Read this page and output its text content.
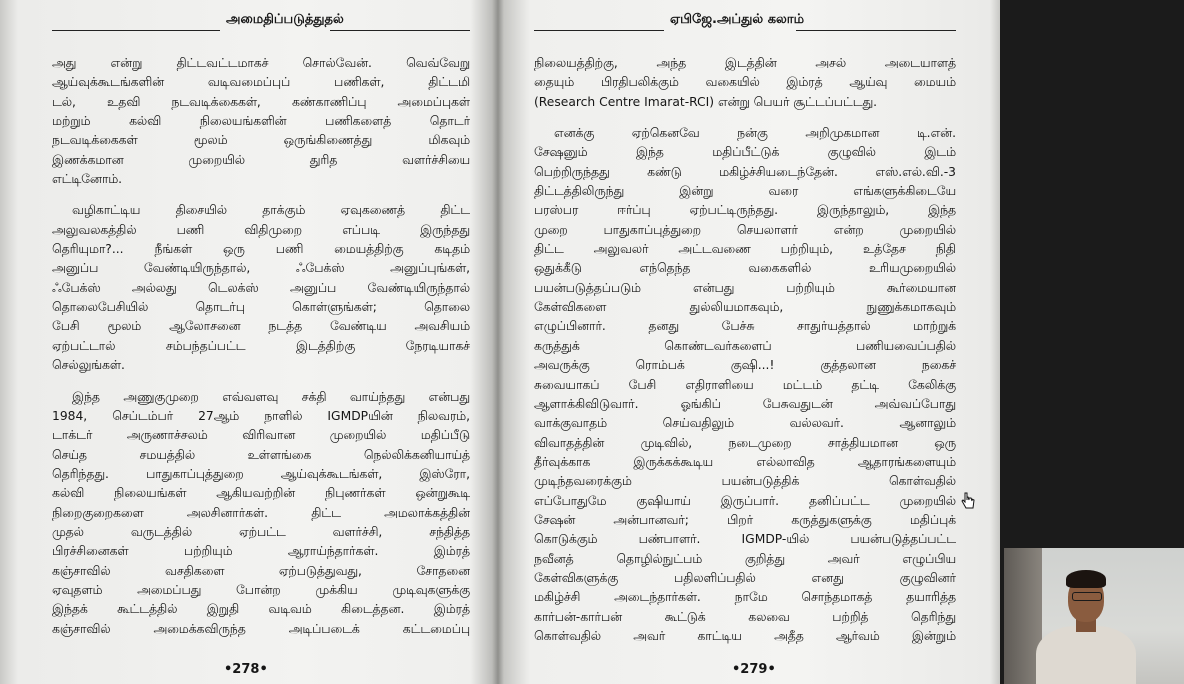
அமைதிப்படுத்துதல்
அது என்று திட்டவட்டமாகச் சொல்வேன். வெவ்வேறு
ஆய்வுக்கூடங்களின் வடிவமைப்புப் பணிகள், திட்டமி
டல், உதவி நடவடிக்கைகள், கண்காணிப்பு அமைப்புகள்
மற்றும் கல்வி நிலையங்களின் பணிகளைத் தொடர்
நடவடிக்கைகள் மூலம் ஒருங்கிணைத்து மிகவும்
இணக்கமான முறையில் துரித வளர்ச்சியை
எட்டினோம்.
வழிகாட்டிய திசையில் தாக்கும் ஏவுகணைத் திட்ட
அலுவலகத்தில் பணி விதிமுறை எப்படி இருந்தது
தெரியுமா?... நீங்கள் ஒரு பணி மையத்திற்கு கடிதம்
அனுப்ப வேண்டியிருந்தால், ஃபேக்ஸ் அனுப்புங்கள்,
ஃபேக்ஸ் அல்லது டெலக்ஸ் அனுப்ப வேண்டியிருந்தால்
தொலைபேசியில் தொடர்பு கொள்ளுங்கள்; தொலை
பேசி மூலம் ஆலோசனை நடத்த வேண்டிய அவசியம்
ஏற்பட்டால் சம்பந்தப்பட்ட இடத்திற்கு நேரடியாகச்
செல்லுங்கள்.
இந்த அணுகுமுறை எவ்வளவு சக்தி வாய்ந்தது என்பது
1984, செப்டம்பர் 27ஆம் நாளில் IGMDPயின் நிலவரம்,
டாக்டர் அருணாச்சலம் விரிவான முறையில் மதிப்பீடு
செய்த சமயத்தில் உள்ளங்கை நெல்லிக்கனியாய்த்
தெரிந்தது. பாதுகாப்புத்துறை ஆய்வுக்கூடங்கள், இஸ்ரோ,
கல்வி நிலையங்கள் ஆகியவற்றின் நிபுணர்கள் ஒன்றுகூடி
நிறைகுறைகளை அலசினார்கள். திட்ட அமலாக்கத்தின்
முதல் வருடத்தில் ஏற்பட்ட வளர்ச்சி, சந்தித்த
பிரச்சினைகள் பற்றியும் ஆராய்ந்தார்கள். இம்ரத்
கஞ்சாவில் வசதிகளை ஏற்படுத்துவது, சோதனை
ஏவுதளம் அமைப்பது போன்ற முக்கிய முடிவுகளுக்கு
இந்தக் கூட்டத்தில் இறுதி வடிவம் கிடைத்தன. இம்ரத்
கஞ்சாவில் அமைக்கவிருந்த அடிப்படைக் கட்டமைப்பு
•278•
ஏபிஜே.அப்துல் கலாம்
நிலையத்திற்கு, அந்த இடத்தின் அசல் அடையாளத்
தையும் பிரதிபலிக்கும் வகையில் இம்ரத் ஆய்வு மையம்
(Research Centre Imarat-RCI) என்று பெயர் சூட்டப்பட்டது.
எனக்கு ஏற்கெனவே நன்கு அறிமுகமான டி.என்.
சேஷனும் இந்த மதிப்பீட்டுக் குழுவில் இடம்
பெற்றிருந்தது கண்டு மகிழ்ச்சியடைந்தேன். எஸ்.எல்.வி.-3
திட்டத்திலிருந்து இன்று வரை எங்களுக்கிடையே
பரஸ்பர ஈர்ப்பு ஏற்பட்டிருந்தது. இருந்தாலும், இந்த
முறை பாதுகாப்புத்துறை செயலாளர் என்ற முறையில்
திட்ட அலுவலர் அட்டவணை பற்றியும், உத்தேச நிதி
ஒதுக்கீடு எந்தெந்த வகைகளில் உரியமுறையில்
பயன்படுத்தப்படும் என்பது பற்றியும் கூர்மையான
கேள்விகளை துல்லியமாகவும், நுணுக்கமாகவும்
எழுப்பினார். தனது பேச்சு சாதுர்யத்தால் மாற்றுக்
கருத்துக் கொண்டவர்களைப் பணியவைப்பதில்
அவருக்கு ரொம்பக் குஷி...! குத்தலான நகைச்
சுவையாகப் பேசி எதிராளியை மட்டம் தட்டி கேலிக்கு
ஆளாக்கிவிடுவார். ஓங்கிப் பேசுவதுடன் அவ்வப்போது
வாக்குவாதம் செய்வதிலும் வல்லவர். ஆனாலும்
விவாதத்தின் முடிவில், நடைமுறை சாத்தியமான ஒரு
தீர்வுக்காக இருக்கக்கூடிய எல்லாவித ஆதாரங்களையும்
முடிந்தவரைக்கும் பயன்படுத்திக் கொள்வதில்
எப்போதுமே குஷியாய் இருப்பார். தனிப்பட்ட முறையில்
சேஷன் அன்பானவர்; பிறர் கருத்துகளுக்கு மதிப்புக்
கொடுக்கும் பண்பாளர். IGMDP-யில் பயன்படுத்தப்பட்ட
நவீனத் தொழில்நுட்பம் குறித்து அவர் எழுப்பிய
கேள்விகளுக்கு பதிலளிப்பதில் எனது குழுவினர்
மகிழ்ச்சி அடைந்தார்கள். நாமே சொந்தமாகத் தயாரித்த
கார்பன்-கார்பன் கூட்டுக் கலவை பற்றித் தெரிந்து
கொள்வதில் அவர் காட்டிய அதீத ஆர்வம் இன்றும்
•279•
